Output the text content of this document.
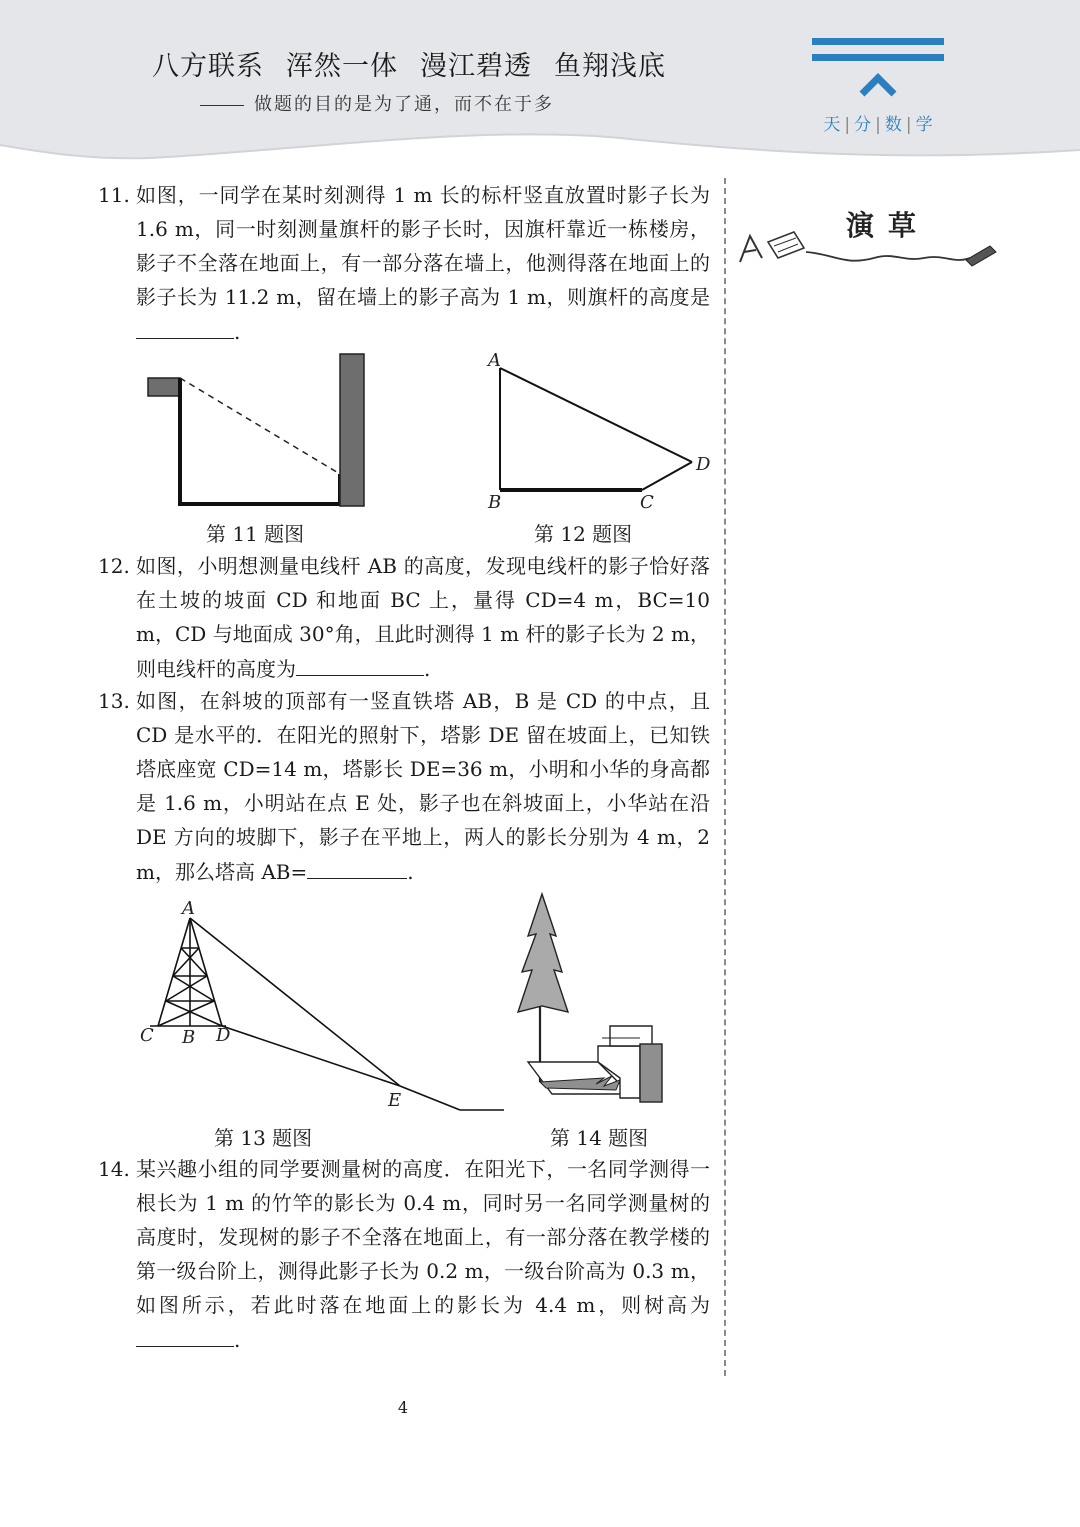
八方联系 浑然一体 漫江碧透 鱼翔浅底
做题的目的是为了通，而不在于多
天 | 分 | 数 | 学
演草
11. 如图，一同学在某时刻测得 1 m 长的标杆竖直放置时影子长为 1.6 m，同一时刻测量旗杆的影子长时，因旗杆靠近一栋楼房，影子不全落在地面上，有一部分落在墙上，他测得落在地面上的影子长为 11.2 m，留在墙上的影子高为 1 m，则旗杆的高度是.
第 11 题图
A
B	C
D
第 12 题图
12. 如图，小明想测量电线杆 AB 的高度，发现电线杆的影子恰好落在土坡的坡面 CD 和地面 BC 上，量得 CD=4 m，BC=10 m，CD 与地面成 30°角，且此时测得 1 m 杆的影子长为 2 m，则电线杆的高度为	.
13. 如图，在斜坡的顶部有一竖直铁塔 AB，B 是 CD 的中点，且 CD 是水平的．在阳光的照射下，塔影 DE 留在坡面上，已知铁塔底座宽 CD=14 m，塔影长 DE=36 m，小明和小华的身高都是 1.6 m，小明站在点 E 处，影子也在斜坡面上，小华站在沿 DE 方向的坡脚下，影子在平地上，两人的影长分别为 4 m，2 m，那么塔高 AB=	.
A
C B D
E
第 13 题图	第 14 题图
14. 某兴趣小组的同学要测量树的高度．在阳光下，一名同学测得一根长为 1 m 的竹竿的影长为 0.4 m，同时另一名同学测量树的高度时，发现树的影子不全落在地面上，有一部分落在教学楼的第一级台阶上，测得此影子长为 0.2 m，一级台阶高为 0.3 m，如图所示，若此时落在地面上的影长为 4.4 m，则树高为.
4
